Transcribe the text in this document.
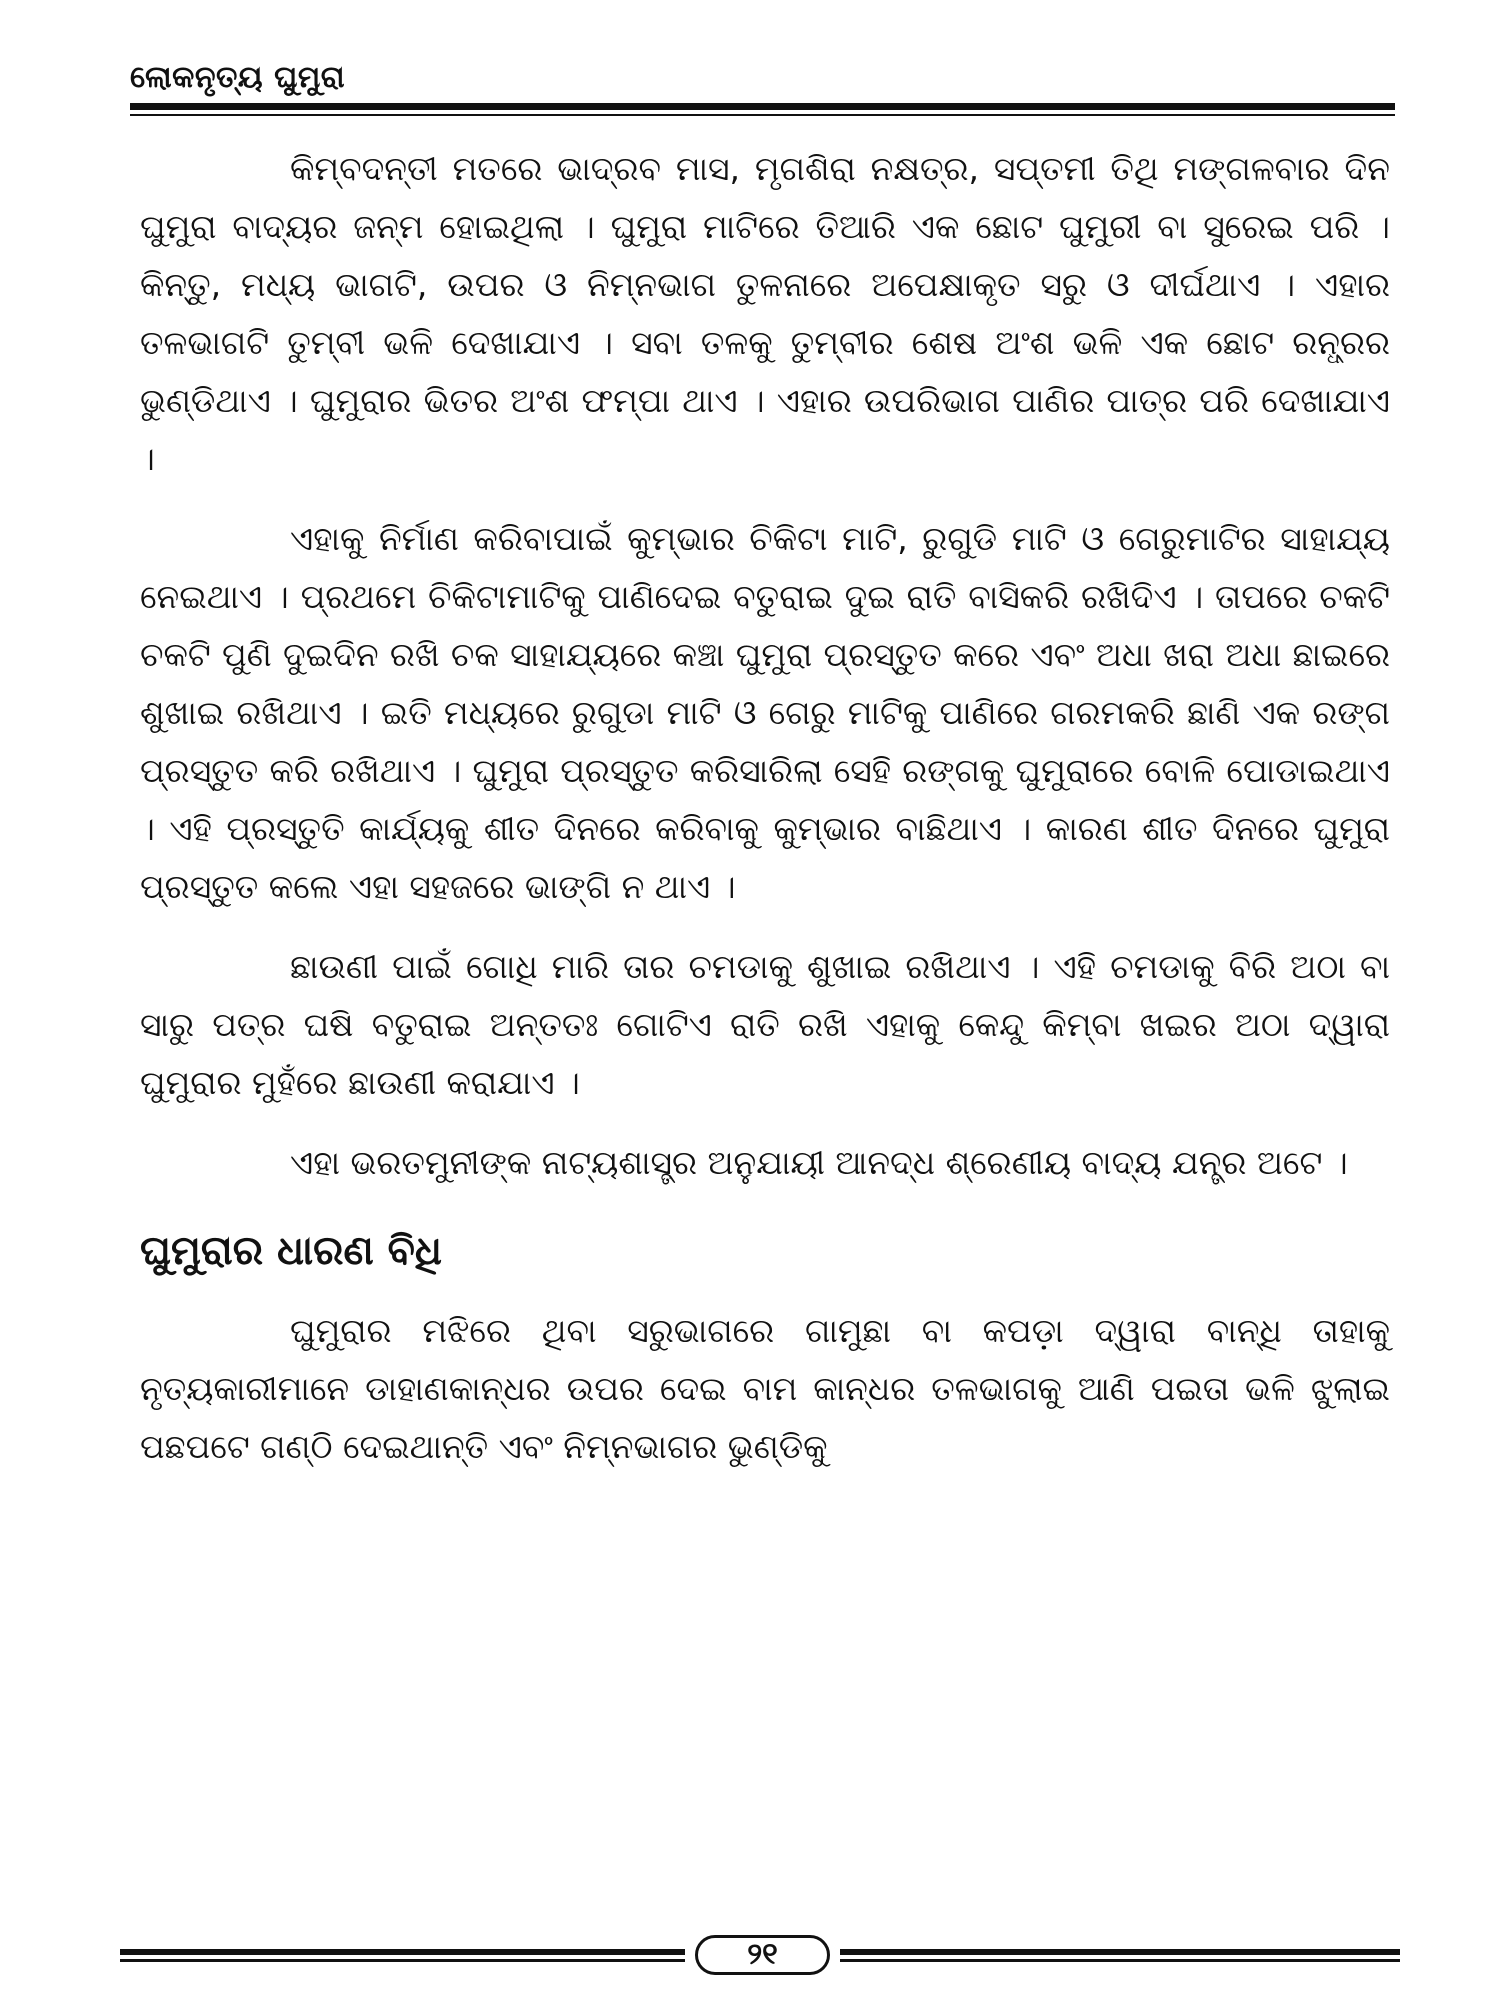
ଲୋକନୃତ୍ୟ ଘୁମୁରା

କିମ୍ବଦନ୍ତୀ ମତରେ ଭାଦ୍ରବ ମାସ, ମୃଗଶିରା ନକ୍ଷତ୍ର, ସପ୍ତମୀ ତିଥି ମଙ୍ଗଳବାର ଦିନ ଘୁମୁରା ବାଦ୍ୟର ଜନ୍ମ ହୋଇଥିଲା । ଘୁମୁରା ମାଟିରେ ତିଆରି ଏକ ଛୋଟ ଘୁମୁରୀ ବା ସୁରେଇ ପରି । କିନ୍ତୁ, ମଧ୍ୟ ଭାଗଟି, ଉପର ଓ ନିମ୍ନଭାଗ ତୁଳନାରେ ଅପେକ୍ଷାକୃତ ସରୁ ଓ ଦୀର୍ଘଥାଏ । ଏହାର ତଳଭାଗଟି ତୁମ୍ବୀ ଭଳି ଦେଖାଯାଏ । ସବା ତଳକୁ ତୁମ୍ବୀର ଶେଷ ଅଂଶ ଭଳି ଏକ ଛୋଟ ରନ୍ଧ୍ରର ଭୁଣ୍ଡିଥାଏ । ଘୁମୁରାର ଭିତର ଅଂଶ ଫମ୍ପା ଥାଏ । ଏହାର ଉପରିଭାଗ ପାଣିର ପାତ୍ର ପରି ଦେଖାଯାଏ ।

ଏହାକୁ ନିର୍ମାଣ କରିବାପାଇଁ କୁମ୍ଭାର ଚିକିଟା ମାଟି, ରୁଗୁଡି ମାଟି ଓ ଗେରୁମାଟିର ସାହାଯ୍ୟ ନେଇଥାଏ । ପ୍ରଥମେ ଚିକିଟାମାଟିକୁ ପାଣିଦେଇ ବତୁରାଇ ଦୁଇ ରାତି ବାସିକରି ରଖିଦିଏ । ତାପରେ ଚକଟି ଚକଟି ପୁଣି ଦୁଇଦିନ ରଖି ଚକ ସାହାଯ୍ୟରେ କଞ୍ଚା ଘୁମୁରା ପ୍ରସ୍ତୁତ କରେ ଏବଂ ଅଧା ଖରା ଅଧା ଛାଇରେ ଶୁଖାଇ ରଖିଥାଏ । ଇତି ମଧ୍ୟରେ ରୁଗୁଡା ମାଟି ଓ ଗେରୁ ମାଟିକୁ ପାଣିରେ ଗରମକରି ଛାଣି ଏକ ରଙ୍ଗ ପ୍ରସ୍ତୁତ କରି ରଖିଥାଏ । ଘୁମୁରା ପ୍ରସ୍ତୁତ କରିସାରିଲା ସେହି ରଙ୍ଗକୁ ଘୁମୁରାରେ ବୋଳି ପୋଡାଇଥାଏ । ଏହି ପ୍ରସ୍ତୁତି କାର୍ଯ୍ୟକୁ ଶୀତ ଦିନରେ କରିବାକୁ କୁମ୍ଭାର ବାଛିଥାଏ । କାରଣ ଶୀତ ଦିନରେ ଘୁମୁରା ପ୍ରସ୍ତୁତ କଲେ ଏହା ସହଜରେ ଭାଙ୍ଗି ନ ଥାଏ ।

ଛାଉଣୀ ପାଇଁ ଗୋଧି ମାରି ତାର ଚମଡାକୁ ଶୁଖାଇ ରଖିଥାଏ । ଏହି ଚମଡାକୁ ବିରି ଅଠା ବା ସାରୁ ପତ୍ର ଘଷି ବତୁରାଇ ଅନ୍ତତଃ ଗୋଟିଏ ରାତି ରଖି ଏହାକୁ କେନ୍ଦୁ କିମ୍ବା ଖଇର ଅଠା ଦ୍ୱାରା ଘୁମୁରାର ମୁହଁରେ ଛାଉଣୀ କରାଯାଏ ।

ଏହା ଭରତମୁନୀଙ୍କ ନାଟ୍ୟଶାସ୍ତ୍ର ଅନୁଯାୟୀ ଆନଦ୍ଧ ଶ୍ରେଣୀୟ ବାଦ୍ୟ ଯନ୍ତ୍ର ଅଟେ ।

ଘୁମୁରାର ଧାରଣ ବିଧି

ଘୁମୁରାର ମଝିରେ ଥିବା ସରୁଭାଗରେ ଗାମୁଛା ବା କପଡ଼ା ଦ୍ୱାରା ବାନ୍ଧି ତାହାକୁ ନୃତ୍ୟକାରୀମାନେ ଡାହାଣକାନ୍ଧର ଉପର ଦେଇ ବାମ କାନ୍ଧର ତଳଭାଗକୁ ଆଣି ପଇତା ଭଳି ଝୁଲାଇ ପଛପଟେ ଗଣ୍ଠି ଦେଇଥାନ୍ତି ଏବଂ ନିମ୍ନଭାଗର ଭୁଣ୍ଡିକୁ

୨୧
